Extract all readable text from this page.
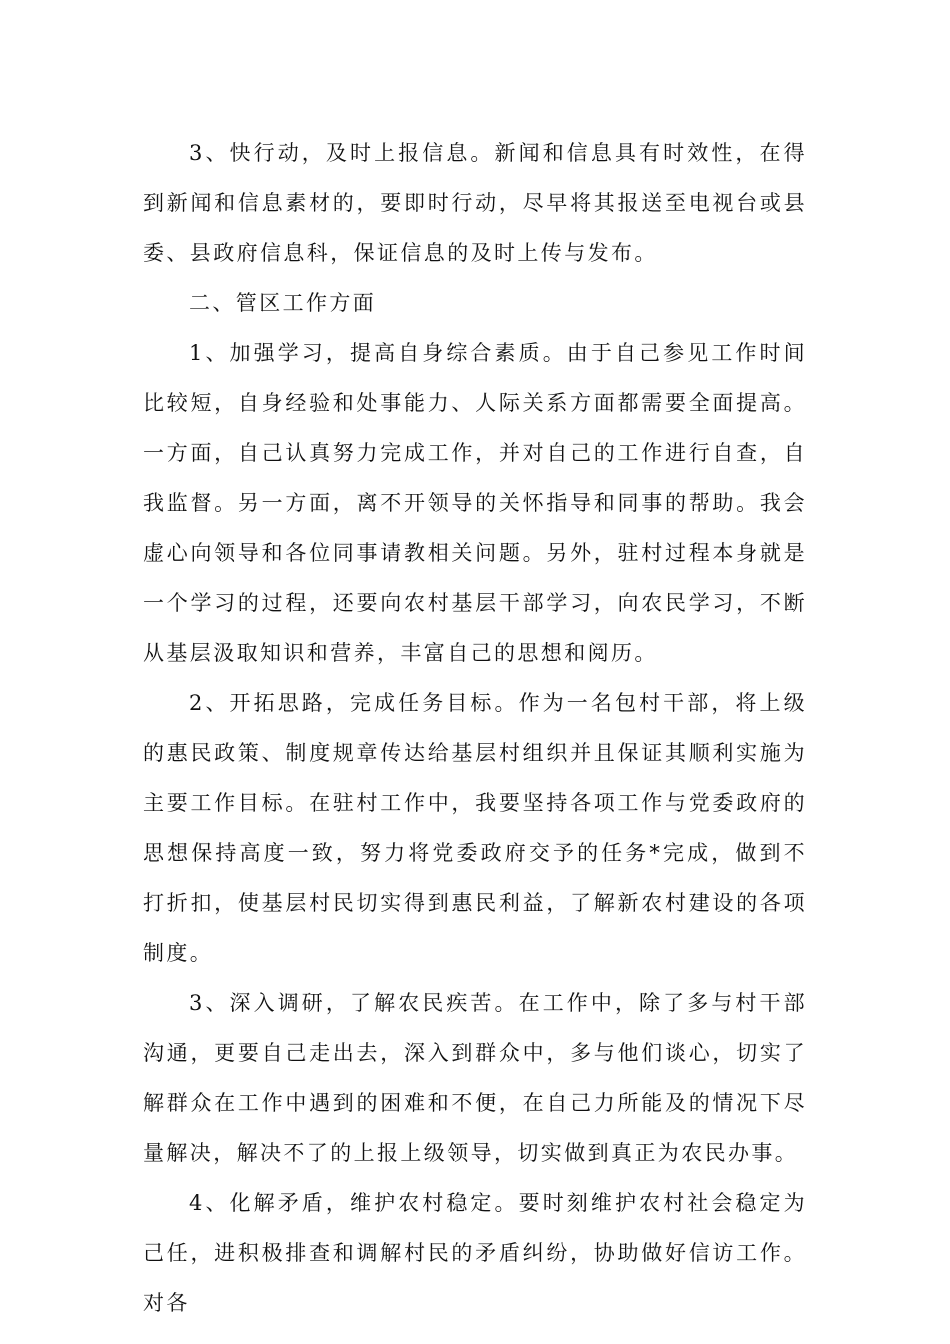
3、快行动，及时上报信息。新闻和信息具有时效性，在得到新闻和信息素材的，要即时行动，尽早将其报送至电视台或县委、县政府信息科，保证信息的及时上传与发布。

二、管区工作方面

1、加强学习，提高自身综合素质。由于自己参见工作时间比较短，自身经验和处事能力、人际关系方面都需要全面提高。一方面，自己认真努力完成工作，并对自己的工作进行自查，自我监督。另一方面，离不开领导的关怀指导和同事的帮助。我会虚心向领导和各位同事请教相关问题。另外，驻村过程本身就是一个学习的过程，还要向农村基层干部学习，向农民学习，不断从基层汲取知识和营养，丰富自己的思想和阅历。

2、开拓思路，完成任务目标。作为一名包村干部，将上级的惠民政策、制度规章传达给基层村组织并且保证其顺利实施为主要工作目标。在驻村工作中，我要坚持各项工作与党委政府的思想保持高度一致，努力将党委政府交予的任务*完成，做到不打折扣，使基层村民切实得到惠民利益，了解新农村建设的各项制度。

3、深入调研，了解农民疾苦。在工作中，除了多与村干部沟通，更要自己走出去，深入到群众中，多与他们谈心，切实了解群众在工作中遇到的困难和不便，在自己力所能及的情况下尽量解决，解决不了的上报上级领导，切实做到真正为农民办事。

4、化解矛盾，维护农村稳定。要时刻维护农村社会稳定为己任，进积极排查和调解村民的矛盾纠纷，协助做好信访工作。对各
